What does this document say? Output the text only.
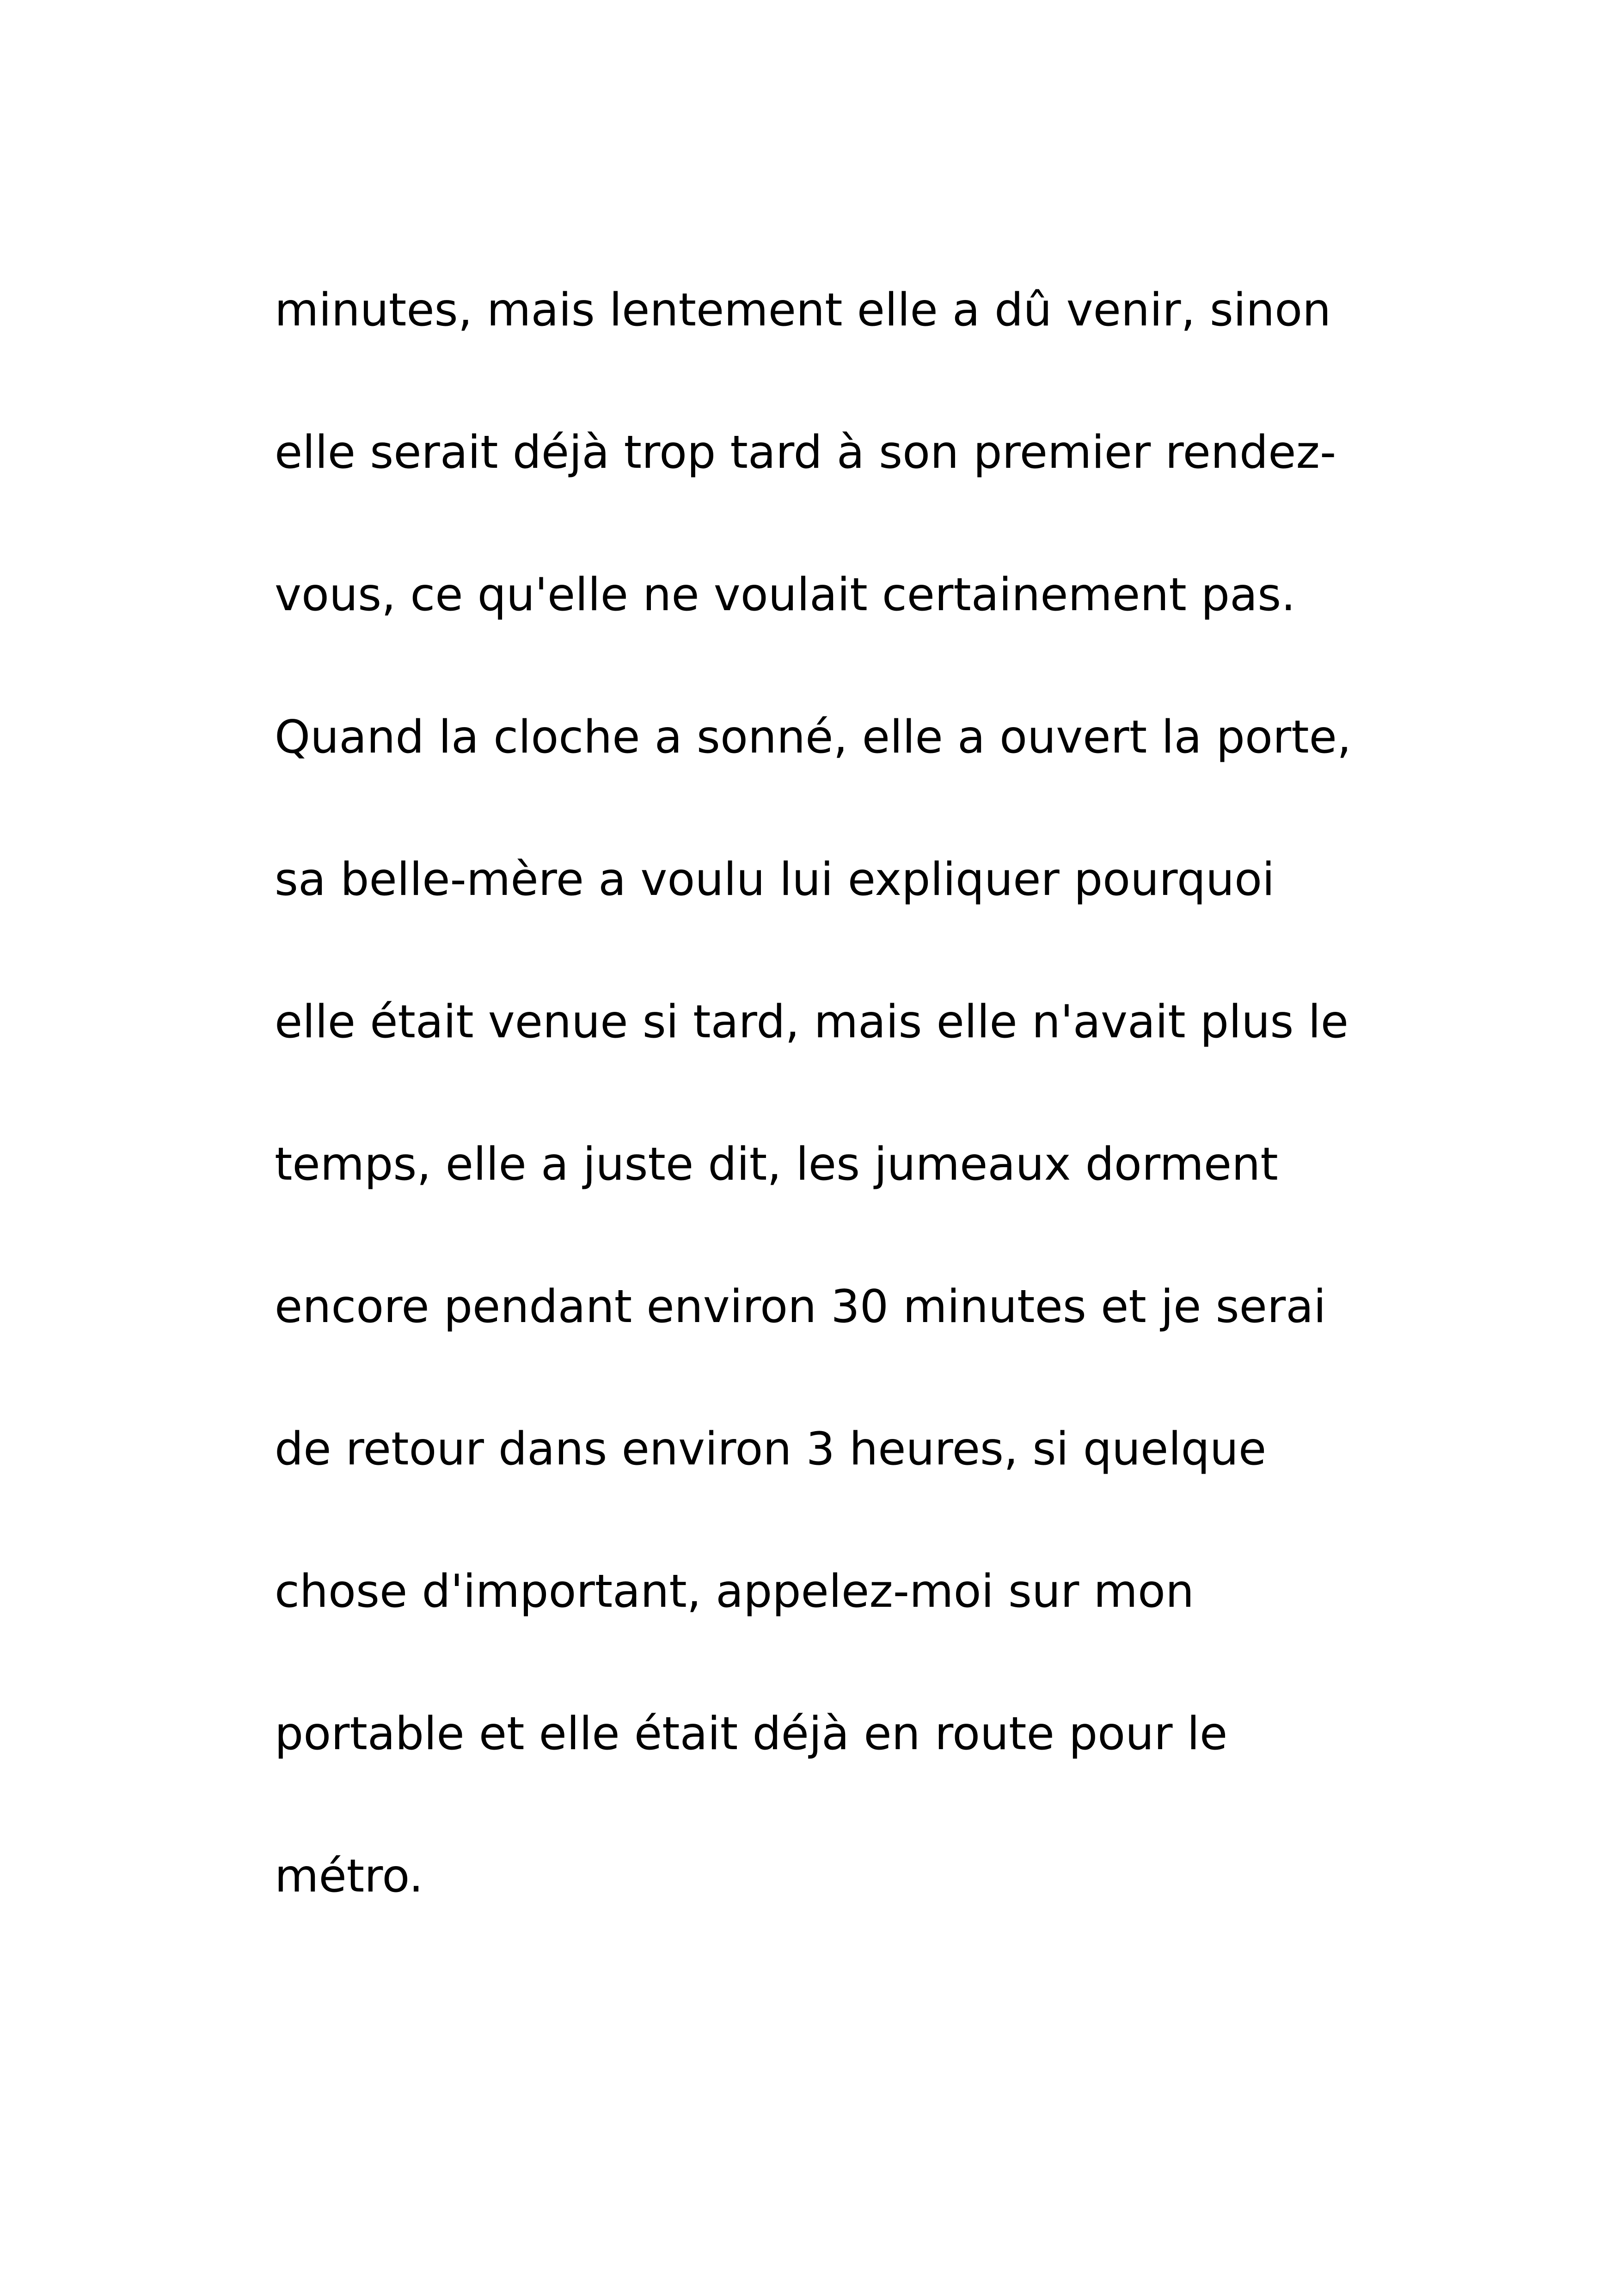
minutes, mais lentement elle a dû venir, sinon
elle serait déjà trop tard à son premier rendez-
vous, ce qu'elle ne voulait certainement pas.
Quand la cloche a sonné, elle a ouvert la porte,
sa belle-mère a voulu lui expliquer pourquoi
elle était venue si tard, mais elle n'avait plus le
temps, elle a juste dit, les jumeaux dorment
encore pendant environ 30 minutes et je serai
de retour dans environ 3 heures, si quelque
chose d'important, appelez-moi sur mon
portable et elle était déjà en route pour le
métro.
